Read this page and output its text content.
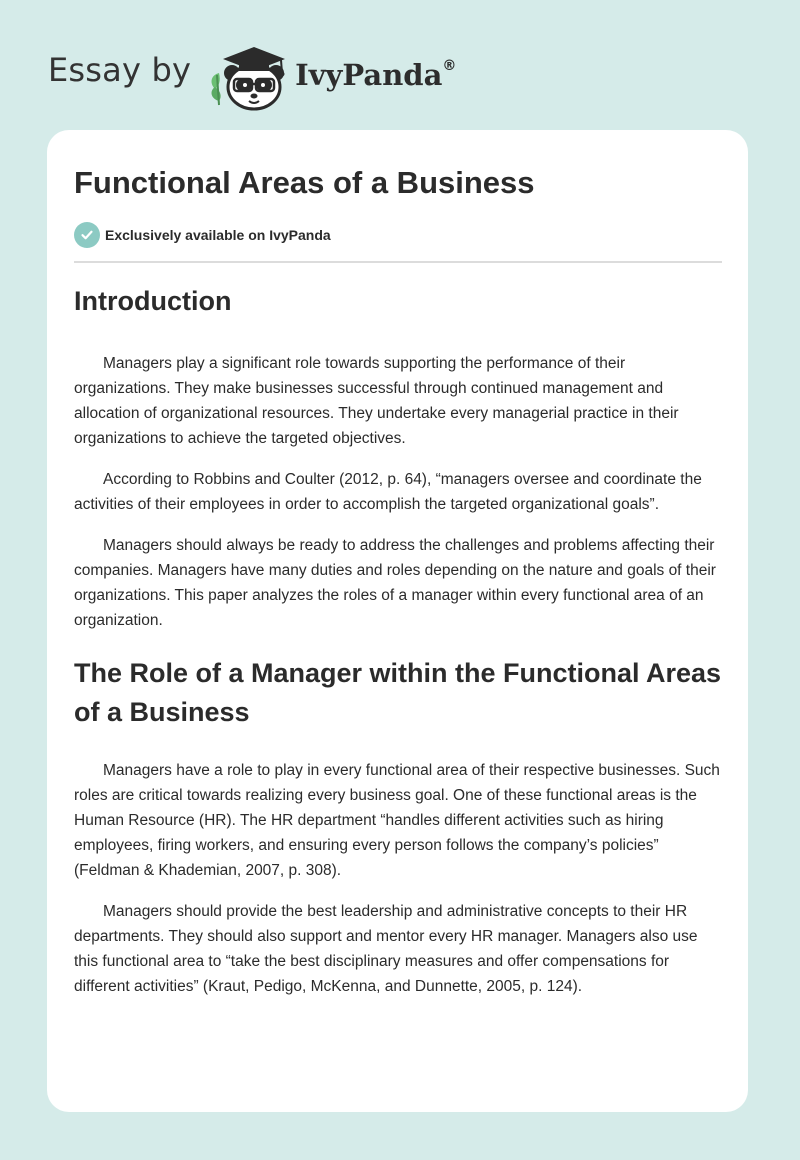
Essay by	IvyPanda®
Functional Areas of a Business
Exclusively available on IvyPanda
Introduction

Managers play a significant role towards supporting the performance of their organizations. They make businesses successful through continued management and allocation of organizational resources. They undertake every managerial practice in their organizations to achieve the targeted objectives.

According to Robbins and Coulter (2012, p. 64), “managers oversee and coordinate the activities of their employees in order to accomplish the targeted organizational goals”.

Managers should always be ready to address the challenges and problems affecting their companies. Managers have many duties and roles depending on the nature and goals of their organizations. This paper analyzes the roles of a manager within every functional area of an organization.

The Role of a Manager within the Functional Areas of a Business

Managers have a role to play in every functional area of their respective businesses. Such roles are critical towards realizing every business goal. One of these functional areas is the Human Resource (HR). The HR department “handles different activities such as hiring employees, firing workers, and ensuring every person follows the company’s policies” (Feldman & Khademian, 2007, p. 308).

Managers should provide the best leadership and administrative concepts to their HR departments. They should also support and mentor every HR manager. Managers also use this functional area to “take the best disciplinary measures and offer compensations for different activities” (Kraut, Pedigo, McKenna, and Dunnette, 2005, p. 124).
